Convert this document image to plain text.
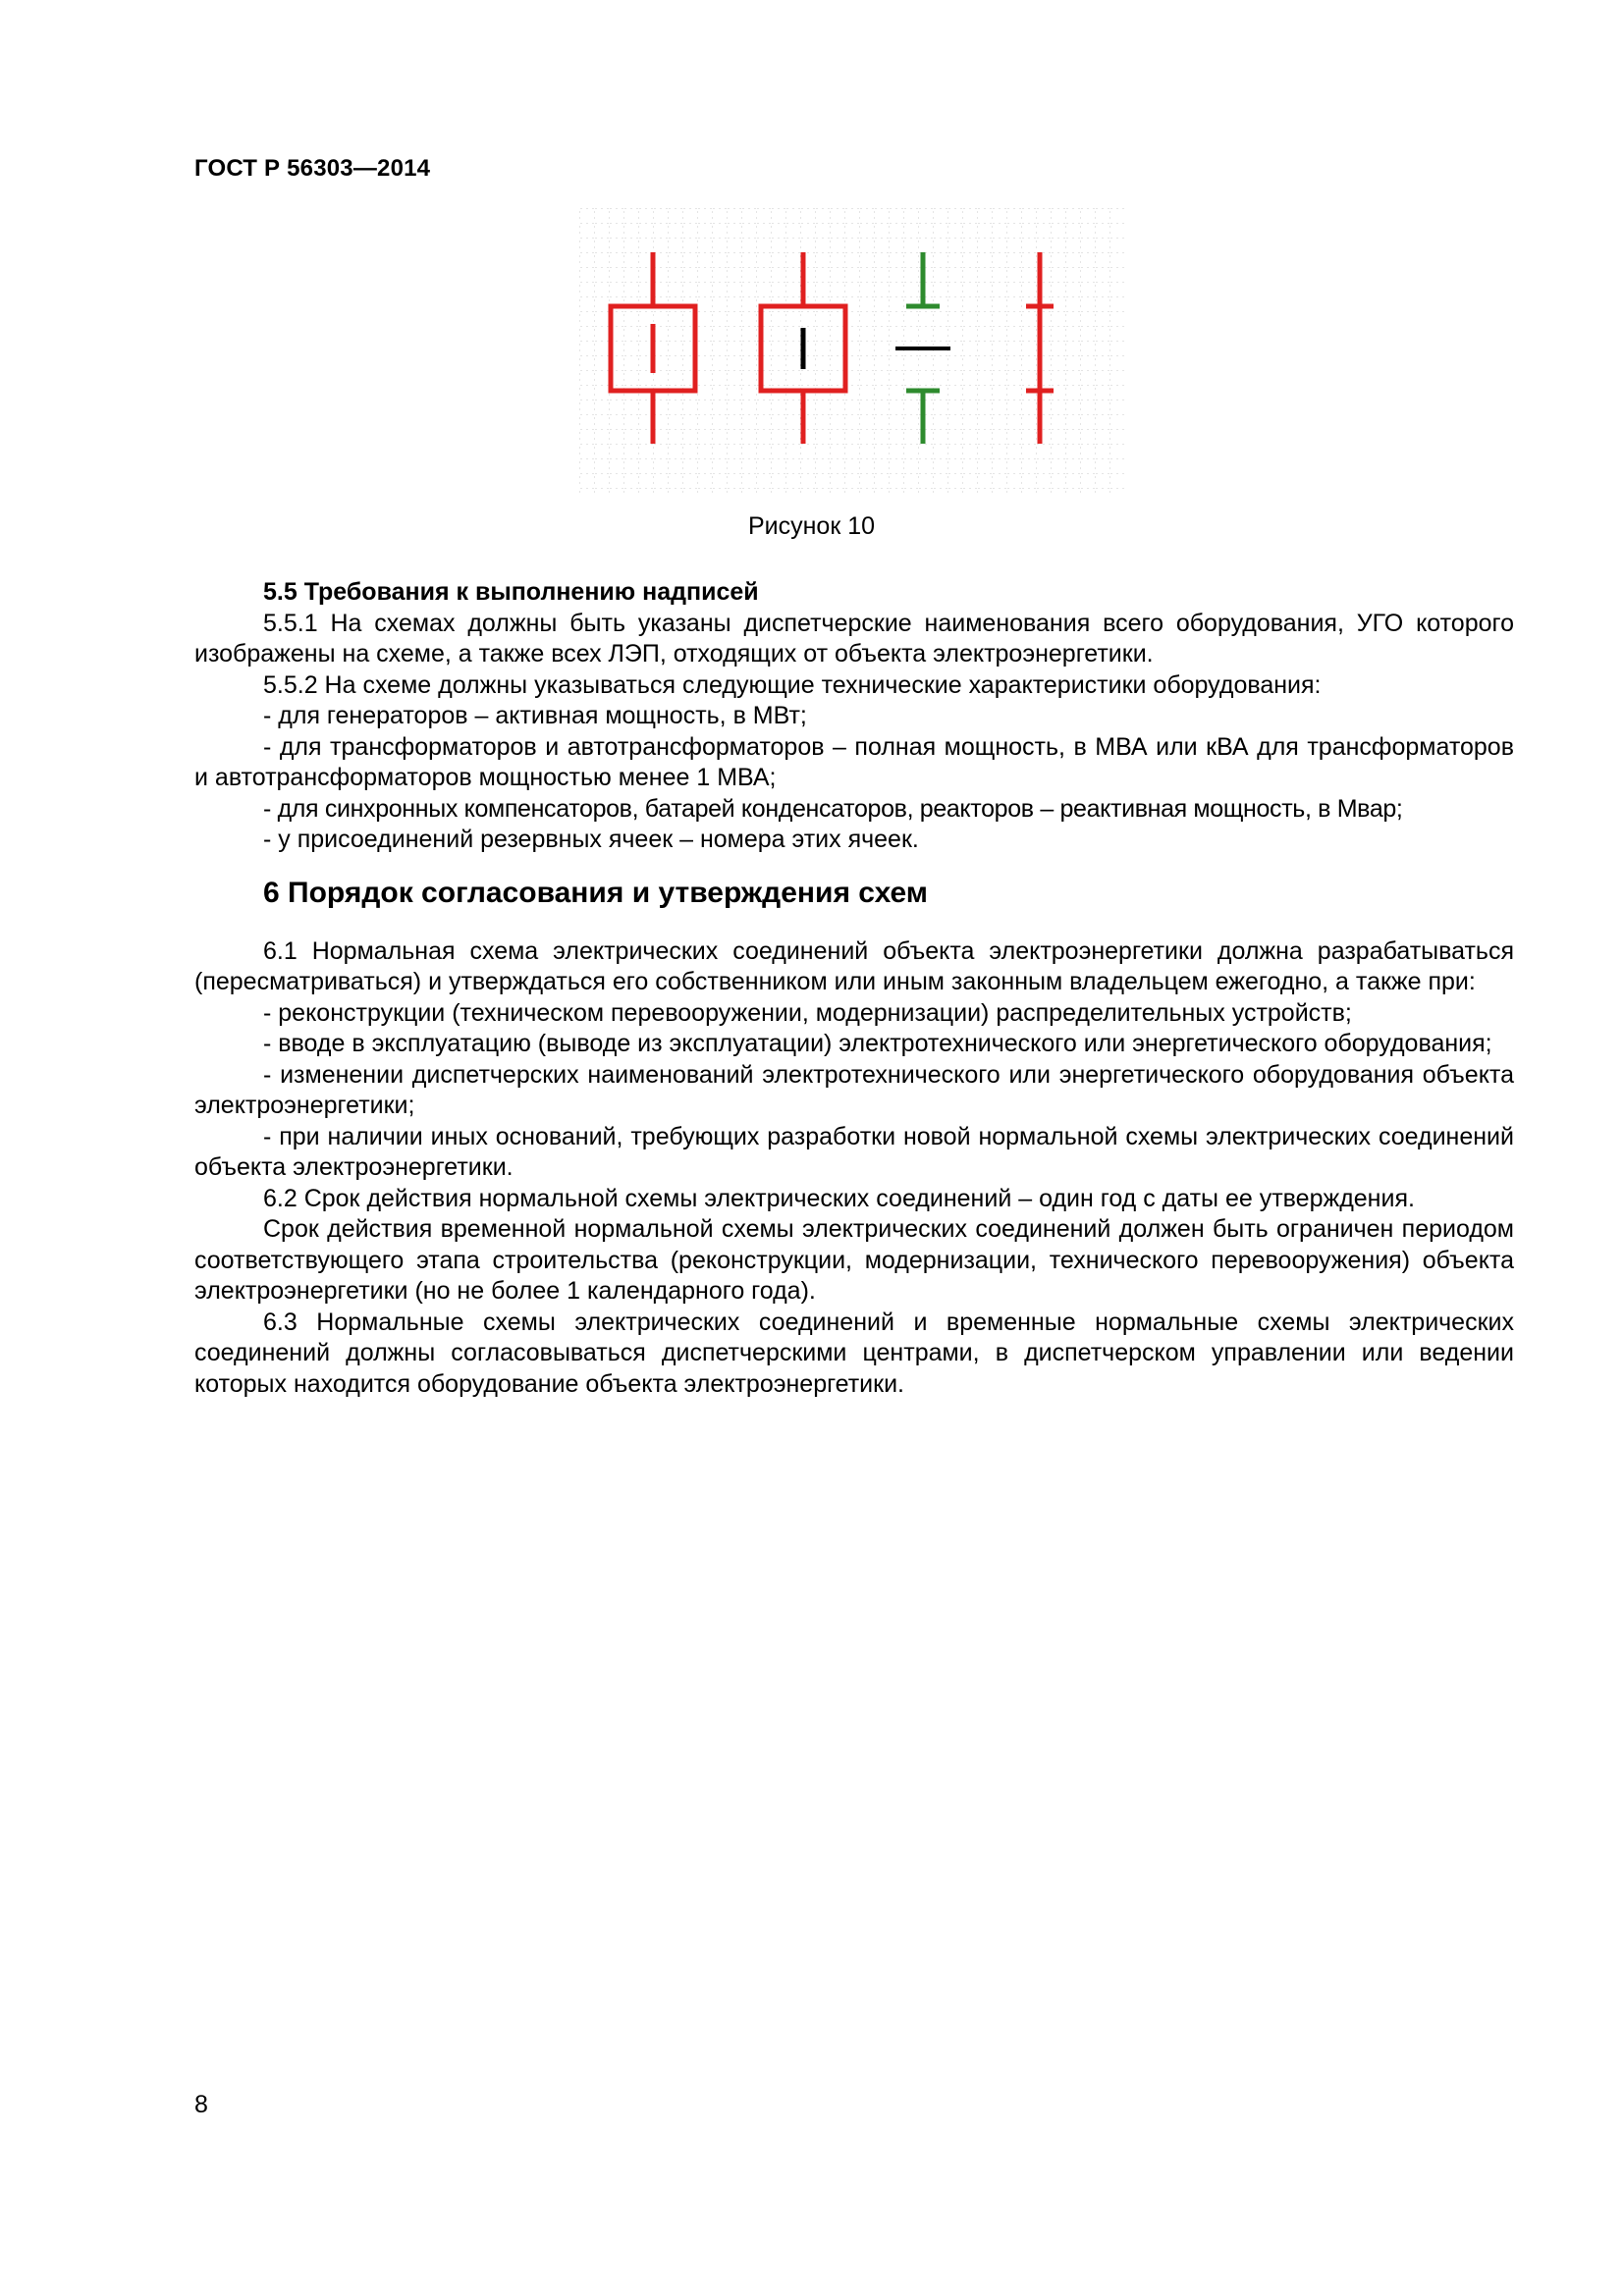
ГОСТ Р 56303—2014
Рисунок 10

5.5 Требования к выполнению надписей

5.5.1 На схемах должны быть указаны диспетчерские наименования всего оборудования, УГО которого изображены на схеме, а также всех ЛЭП, отходящих от объекта электроэнергетики.

5.5.2 На схеме должны указываться следующие технические характеристики оборудования:

- для генераторов – активная мощность, в МВт;

- для трансформаторов и автотрансформаторов – полная мощность, в МВА или кВА для трансформаторов и автотрансформаторов мощностью менее 1 МВА;

- для синхронных компенсаторов, батарей конденсаторов, реакторов – реактивная мощность, в Мвар;

- у присоединений резервных ячеек – номера этих ячеек.

6 Порядок согласования и утверждения схем

6.1 Нормальная схема электрических соединений объекта электроэнергетики должна разрабатываться (пересматриваться) и утверждаться его собственником или иным законным владельцем ежегодно, а также при:

- реконструкции (техническом перевооружении, модернизации) распределительных устройств;

- вводе в эксплуатацию (выводе из эксплуатации) электротехнического или энергетического оборудования;

- изменении диспетчерских наименований электротехнического или энергетического оборудования объекта электроэнергетики;

- при наличии иных оснований, требующих разработки новой нормальной схемы электрических соединений объекта электроэнергетики.

6.2 Срок действия нормальной схемы электрических соединений – один год с даты ее утверждения.

Срок действия временной нормальной схемы электрических соединений должен быть ограничен периодом соответствующего этапа строительства (реконструкции, модернизации, технического перевооружения) объекта электроэнергетики (но не более 1 календарного года).

6.3 Нормальные схемы электрических соединений и временные нормальные схемы электрических соединений должны согласовываться диспетчерскими центрами, в диспетчерском управлении или ведении которых находится оборудование объекта электроэнергетики.

8
